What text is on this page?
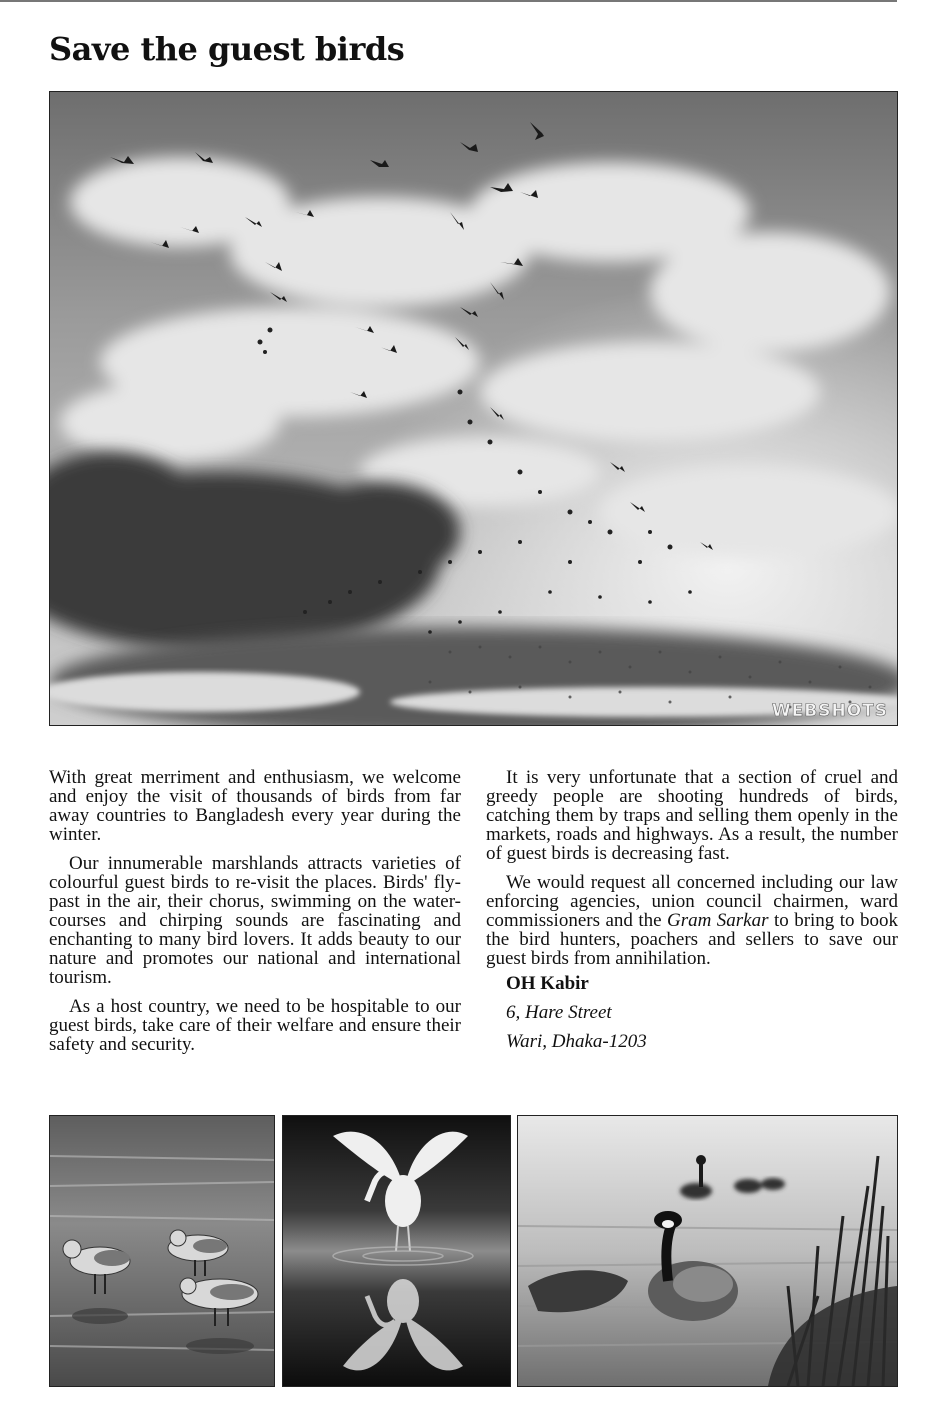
Save the guest birds
WEBSHOTS

With great merriment and enthusiasm, we welcome and enjoy the visit of thousands of birds from far away countries to Bangladesh every year during the winter.

Our innumerable marshlands attracts varieties of colourful guest birds to re-visit the places. Birds' fly-past in the air, their chorus, swimming on the water-courses and chirping sounds are fascinating and enchanting to many bird lovers. It adds beauty to our nature and promotes our national and international tourism.

As a host country, we need to be hospitable to our guest birds, take care of their welfare and ensure their safety and security.

It is very unfortunate that a section of cruel and greedy people are shooting hundreds of birds, catching them by traps and selling them openly in the markets, roads and highways. As a result, the number of guest birds is decreasing fast.

We would request all concerned including our law enforcing agencies, union council chairmen, ward commissioners and the Gram Sarkar to bring to book the bird hunters, poachers and sellers to save our guest birds from annihilation.

OH Kabir

6, Hare Street

Wari, Dhaka-1203
